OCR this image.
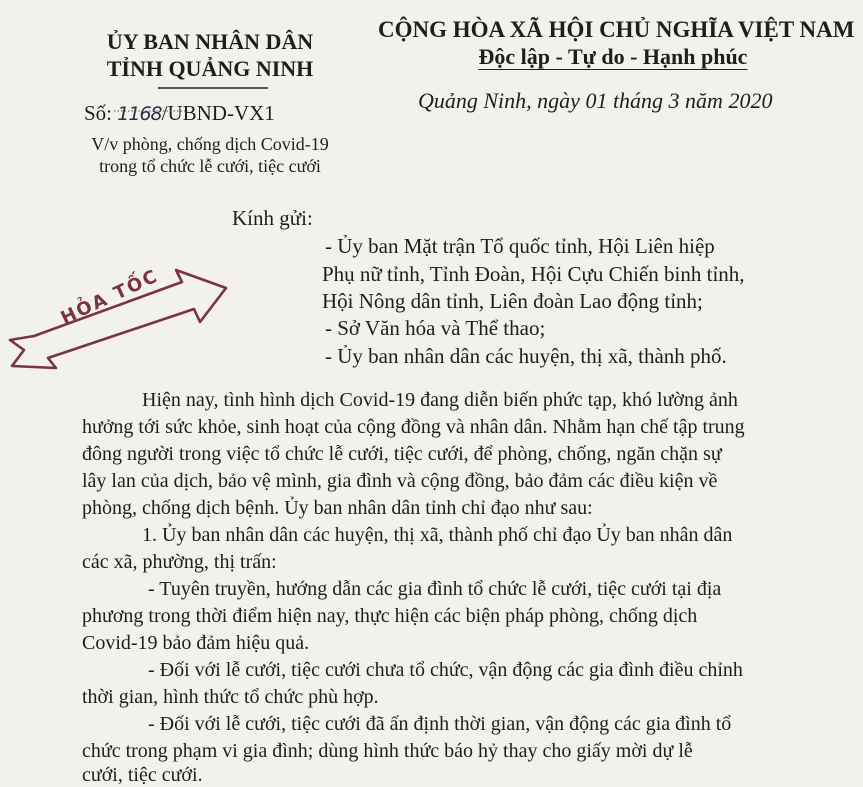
ỦY BAN NHÂN DÂN
TỈNH QUẢNG NINH
CỘNG HÒA XÃ HỘI CHỦ NGHĨA VIỆT NAM
Độc lập - Tự do - Hạnh phúc
Số: 1168/UBND-VX1
V/v phòng, chống dịch Covid-19
trong tổ chức lễ cưới, tiệc cưới
Quảng Ninh, ngày 01 tháng 3 năm 2020
HỎA TỐC
Kính gửi:
- Ủy ban Mặt trận Tổ quốc tỉnh, Hội Liên hiệp
Phụ nữ tỉnh, Tỉnh Đoàn, Hội Cựu Chiến binh tỉnh,
Hội Nông dân tỉnh, Liên đoàn Lao động tỉnh;
- Sở Văn hóa và Thể thao;
- Ủy ban nhân dân các huyện, thị xã, thành phố.
Hiện nay, tình hình dịch Covid-19 đang diễn biến phức tạp, khó lường ảnh
hưởng tới sức khỏe, sinh hoạt của cộng đồng và nhân dân. Nhằm hạn chế tập trung
đông người trong việc tổ chức lễ cưới, tiệc cưới, để phòng, chống, ngăn chặn sự
lây lan của dịch, bảo vệ mình, gia đình và cộng đồng, bảo đảm các điều kiện về
phòng, chống dịch bệnh. Ủy ban nhân dân tỉnh chỉ đạo như sau:
1. Ủy ban nhân dân các huyện, thị xã, thành phố chỉ đạo Ủy ban nhân dân
các xã, phường, thị trấn:
- Tuyên truyền, hướng dẫn các gia đình tổ chức lễ cưới, tiệc cưới tại địa
phương trong thời điểm hiện nay, thực hiện các biện pháp phòng, chống dịch
Covid-19 bảo đảm hiệu quả.
- Đối với lễ cưới, tiệc cưới chưa tổ chức, vận động các gia đình điều chỉnh
thời gian, hình thức tổ chức phù hợp.
- Đối với lễ cưới, tiệc cưới đã ấn định thời gian, vận động các gia đình tổ
chức trong phạm vi gia đình; dùng hình thức báo hỷ thay cho giấy mời dự lễ
cưới, tiệc cưới.
